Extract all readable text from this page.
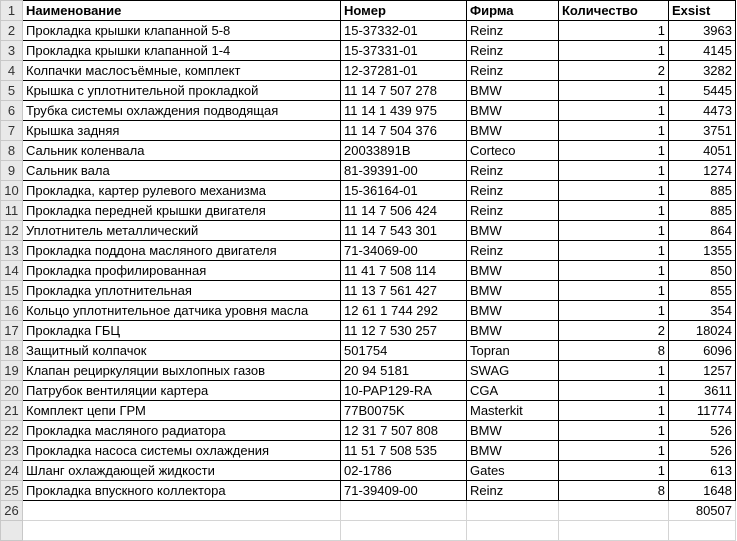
1	Наименование	Номер	Фирма	Количество	Exsist
2	Прокладка крышки клапанной 5-8	15-37332-01	Reinz	1	3963
3	Прокладка крышки клапанной 1-4	15-37331-01	Reinz	1	4145
4	Колпачки маслосъёмные, комплект	12-37281-01	Reinz	2	3282
5	Крышка с уплотнительной прокладкой	11 14 7 507 278	BMW	1	5445
6	Трубка системы охлаждения подводящая	11 14 1 439 975	BMW	1	4473
7	Крышка задняя	11 14 7 504 376	BMW	1	3751
8	Сальник коленвала	20033891B	Corteco	1	4051
9	Сальник вала	81-39391-00	Reinz	1	1274
10	Прокладка, картер рулевого механизма	15-36164-01	Reinz	1	885
11	Прокладка передней крышки двигателя	11 14 7 506 424	Reinz	1	885
12	Уплотнитель металлический	11 14 7 543 301	BMW	1	864
13	Прокладка поддона масляного двигателя	71-34069-00	Reinz	1	1355
14	Прокладка профилированная	11 41 7 508 114	BMW	1	850
15	Прокладка уплотнительная	11 13 7 561 427	BMW	1	855
16	Кольцо уплотнительное датчика уровня масла	12 61 1 744 292	BMW	1	354
17	Прокладка ГБЦ	11 12 7 530 257	BMW	2	18024
18	Защитный колпачок	501754	Topran	8	6096
19	Клапан рециркуляции выхлопных газов	20 94 5181	SWAG	1	1257
20	Патрубок вентиляции картера	10-PAP129-RA	CGA	1	3611
21	Комплект цепи ГРМ	77B0075K	Masterkit	1	11774
22	Прокладка масляного радиатора	12 31 7 507 808	BMW	1	526
23	Прокладка насоса системы охлаждения	11 51 7 508 535	BMW	1	526
24	Шланг охлаждающей жидкости	02-1786	Gates	1	613
25	Прокладка впускного коллектора	71-39409-00	Reinz	8	1648
26					80507
